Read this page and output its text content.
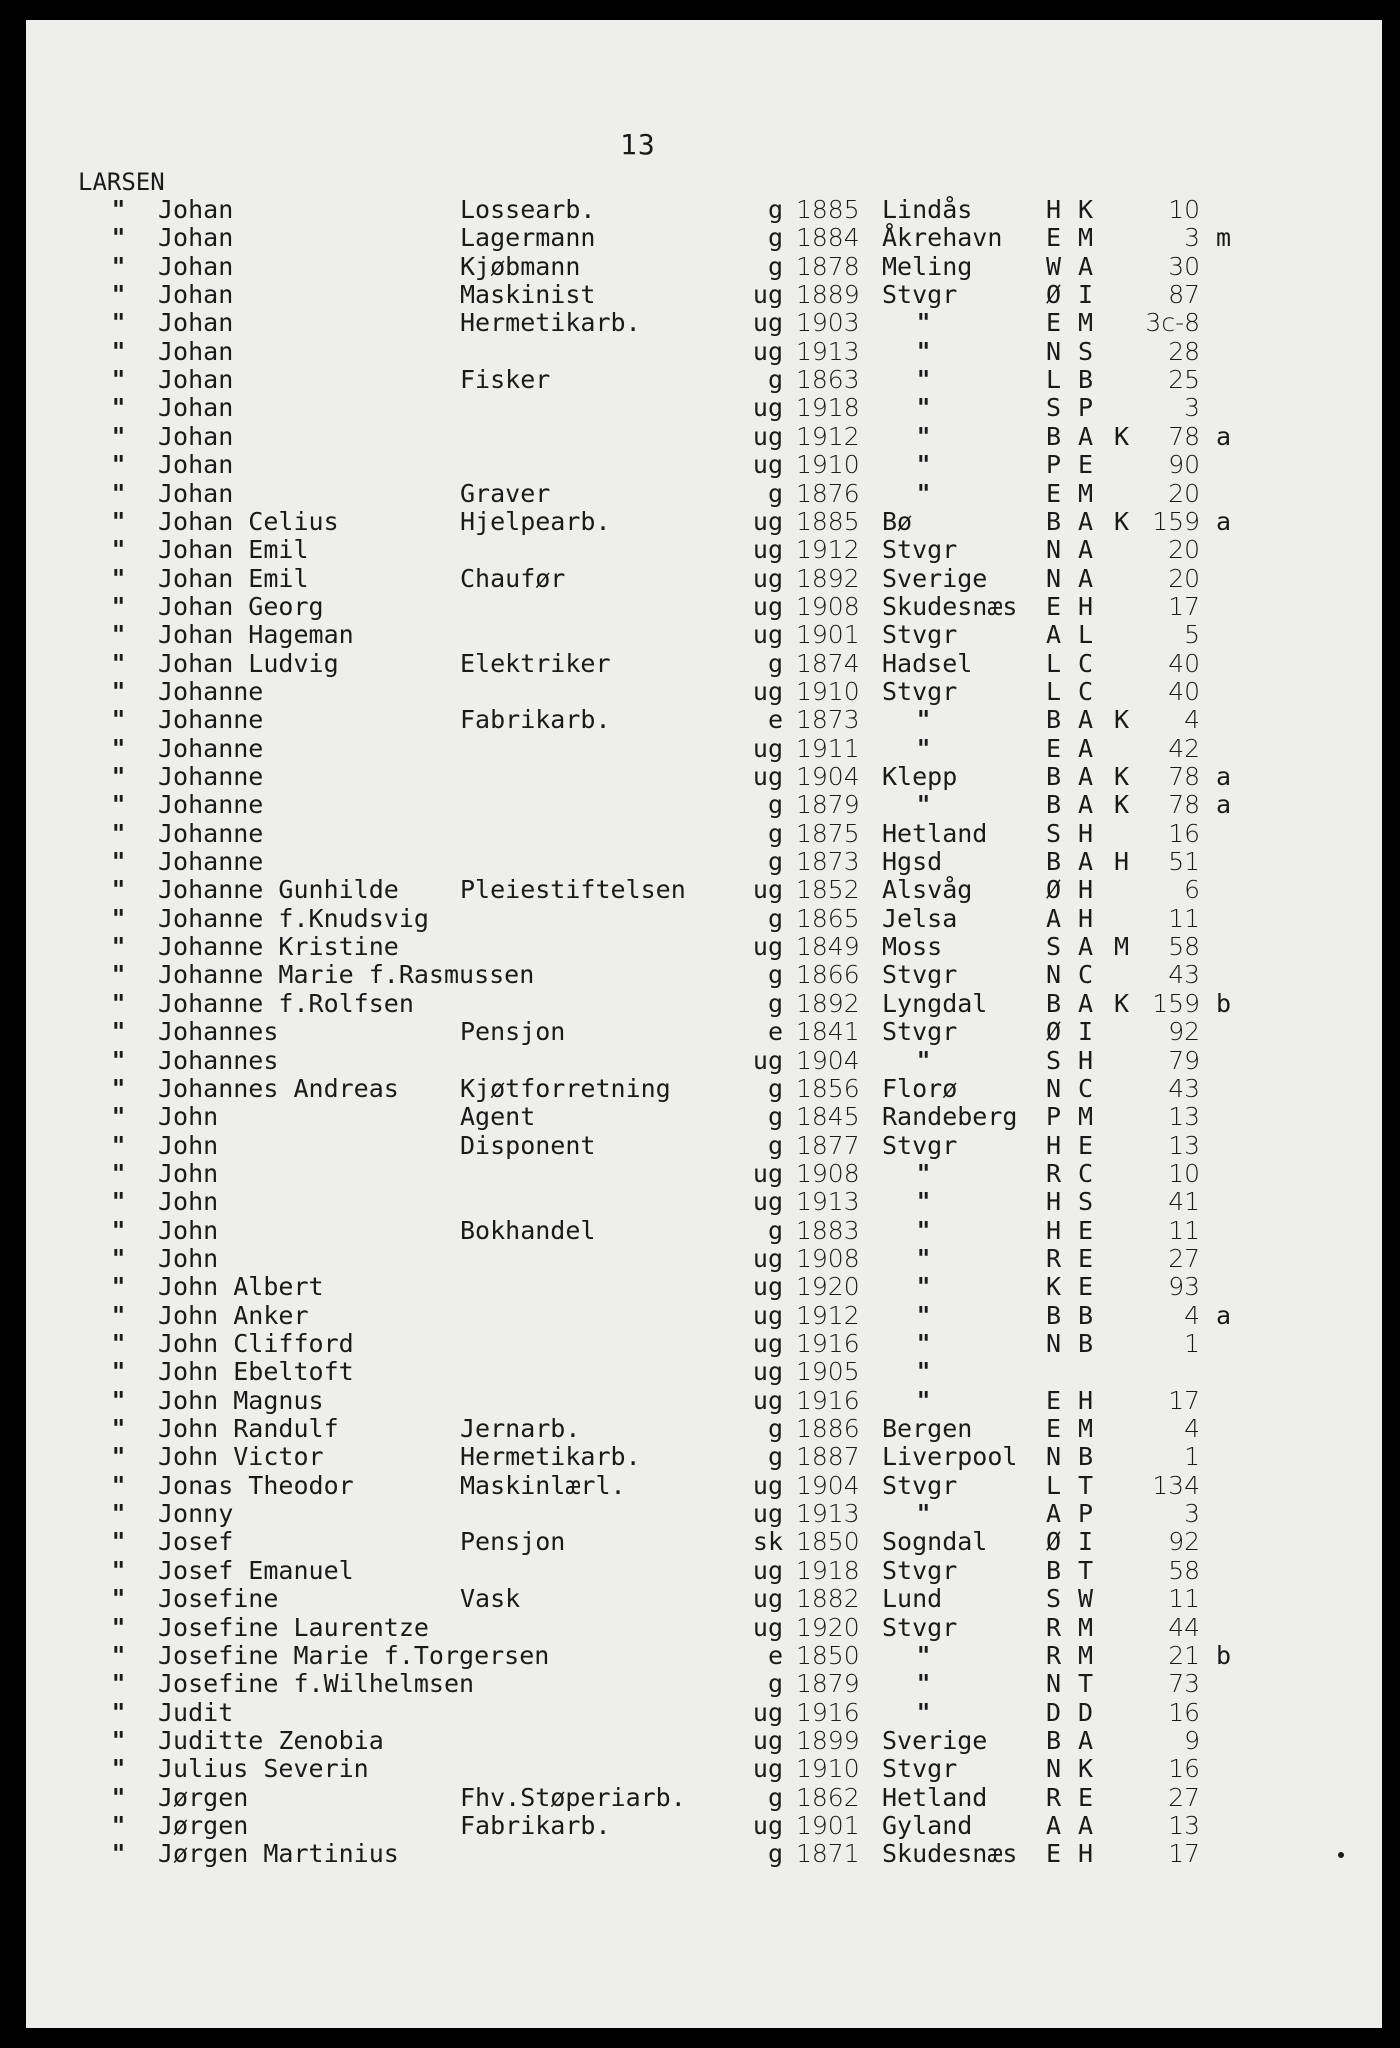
13
LARSEN
" Johan	Lossearb.	g 1885 Lindås	H K	10
" Johan	Lagermann	g 1884 Åkrehavn E M	3 m
" Johan	Kjøbmann	g 1878 Meling	W A	30
" Johan	Maskinist	ug 1889 Stvgr	Ø I	87
" Johan	Hermetikarb.	ug 1903	"	E M	3c-8
" Johan	ug 1913	"	N S	28
" Johan	Fisker	g 1863	"	L B	25
" Johan	ug 1918	"	S P	3
" Johan	ug 1912	"	B A K	78 a
" Johan	ug 1910	"	P E	90
" Johan	Graver	g 1876	"	E M	20
" Johan Celius	Hjelpearb.	ug 1885 Bø	B A K 159 a
" Johan Emil	ug 1912 Stvgr	N A	20
" Johan Emil	Chaufør	ug 1892 Sverige N A	20
" Johan Georg	ug 1908 Skudesnæs E H	17
" Johan Hageman	ug 1901 Stvgr	A L	5
" Johan Ludvig	Elektriker	g 1874 Hadsel	L C	40
" Johanne	ug 1910 Stvgr	L C	40
" Johanne	Fabrikarb.	e 1873	"	B A K	4
" Johanne	ug 1911	"	E A	42
" Johanne	ug 1904 Klepp	B A K	78 a
" Johanne	g 1879	"	B A K	78 a
" Johanne	g 1875 Hetland S H	16
" Johanne	g 1873 Hgsd	B A H	51
" Johanne Gunhilde Pleiestiftelsen	ug 1852 Alsvåg	Ø H	6
" Johanne f.Knudsvig	g 1865 Jelsa	A H	11
" Johanne Kristine	ug 1849 Moss	S A M	58
" Johanne Marie f.Rasmussen	g 1866 Stvgr	N C	43
" Johanne f.Rolfsen	g 1892 Lyngdal B A K 159 b
" Johannes	Pensjon	e 1841 Stvgr	Ø I	92
" Johannes	ug 1904	"	S H	79
" Johannes Andreas Kjøtforretning	g 1856 Florø	N C	43
" John	Agent	g 1845 Randeberg P M	13
" John	Disponent	g 1877 Stvgr	H E	13
" John	ug 1908	"	R C	10
" John	ug 1913	"	H S	41
" John	Bokhandel	g 1883	"	H E	11
" John	ug 1908	"	R E	27
" John Albert	ug 1920	"	K E	93
" John Anker	ug 1912	"	B B	4 a
" John Clifford	ug 1916	"	N B	1
" John Ebeltoft	ug 1905	"
" John Magnus	ug 1916	"	E H	17
" John Randulf	Jernarb.	g 1886 Bergen	E M	4
" John Victor	Hermetikarb.	g 1887 Liverpool N B	1
" Jonas Theodor	Maskinlærl.	ug 1904 Stvgr	L T	134
" Jonny	ug 1913	"	A P	3
" Josef	Pensjon	sk 1850 Sogndal Ø I	92
" Josef Emanuel	ug 1918 Stvgr	B T	58
" Josefine	Vask	ug 1882 Lund	S W	11
" Josefine Laurentze	ug 1920 Stvgr	R M	44
" Josefine Marie f.Torgersen	e 1850	"	R M	21 b
" Josefine f.Wilhelmsen	g 1879	"	N T	73
" Judit	ug 1916	"	D D	16
" Juditte Zenobia	ug 1899 Sverige B A	9
" Julius Severin	ug 1910 Stvgr	N K	16
" Jørgen	Fhv.Støperiarb.	g 1862 Hetland R E	27
" Jørgen	Fabrikarb.	ug 1901 Gyland	A A	13
" Jørgen Martinius	g 1871 Skudesnæs E H	17
